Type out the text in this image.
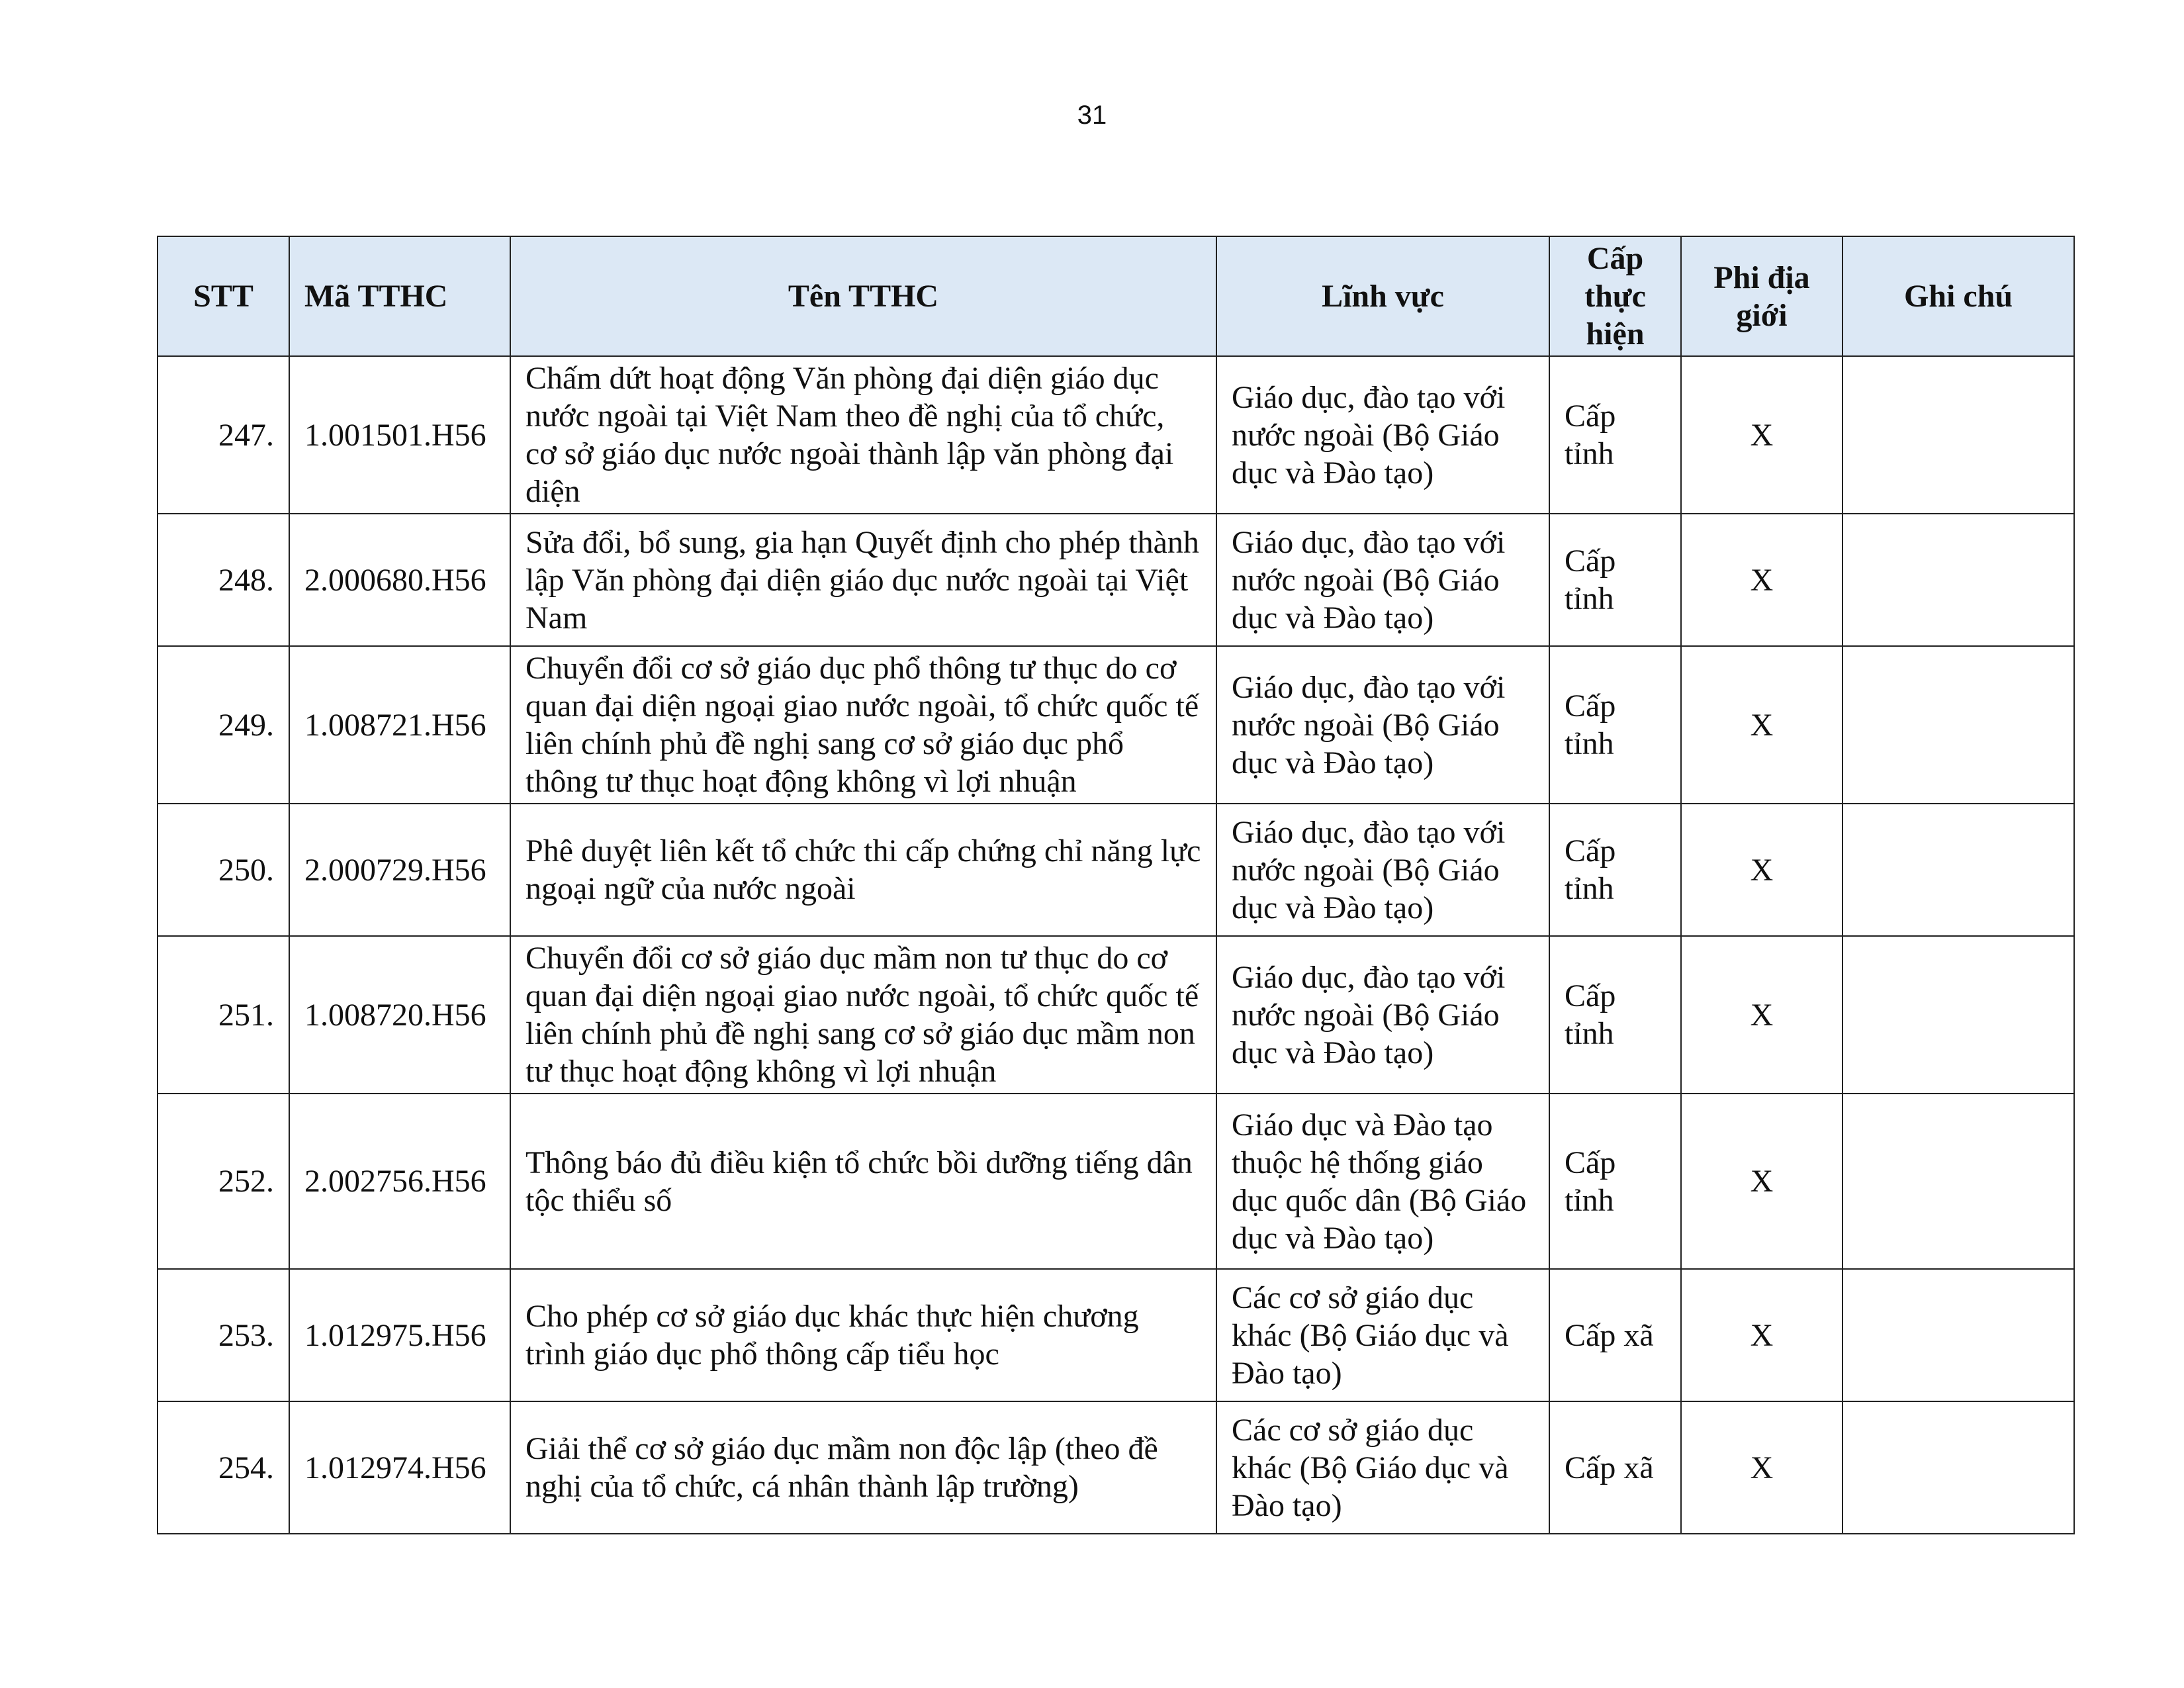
31
STT	Mã TTHC	Tên TTHC	Lĩnh vực	Cấp thực hiện	Phi địa giới	Ghi chú
247.	1.001501.H56	Chấm dứt hoạt động Văn phòng đại diện giáo dục nước ngoài tại Việt Nam theo đề nghị của tổ chức, cơ sở giáo dục nước ngoài thành lập văn phòng đại diện	Giáo dục, đào tạo với nước ngoài (Bộ Giáo dục và Đào tạo)	Cấp tỉnh	X	
248.	2.000680.H56	Sửa đổi, bổ sung, gia hạn Quyết định cho phép thành lập Văn phòng đại diện giáo dục nước ngoài tại Việt Nam	Giáo dục, đào tạo với nước ngoài (Bộ Giáo dục và Đào tạo)	Cấp tỉnh	X	
249.	1.008721.H56	Chuyển đổi cơ sở giáo dục phổ thông tư thục do cơ quan đại diện ngoại giao nước ngoài, tổ chức quốc tế liên chính phủ đề nghị sang cơ sở giáo dục phổ thông tư thục hoạt động không vì lợi nhuận	Giáo dục, đào tạo với nước ngoài (Bộ Giáo dục và Đào tạo)	Cấp tỉnh	X	
250.	2.000729.H56	Phê duyệt liên kết tổ chức thi cấp chứng chỉ năng lực ngoại ngữ của nước ngoài	Giáo dục, đào tạo với nước ngoài (Bộ Giáo dục và Đào tạo)	Cấp tỉnh	X	
251.	1.008720.H56	Chuyển đổi cơ sở giáo dục mầm non tư thục do cơ quan đại diện ngoại giao nước ngoài, tổ chức quốc tế liên chính phủ đề nghị sang cơ sở giáo dục mầm non tư thục hoạt động không vì lợi nhuận	Giáo dục, đào tạo với nước ngoài (Bộ Giáo dục và Đào tạo)	Cấp tỉnh	X	
252.	2.002756.H56	Thông báo đủ điều kiện tổ chức bồi dưỡng tiếng dân tộc thiểu số	Giáo dục và Đào tạo thuộc hệ thống giáo dục quốc dân (Bộ Giáo dục và Đào tạo)	Cấp tỉnh	X	
253.	1.012975.H56	Cho phép cơ sở giáo dục khác thực hiện chương trình giáo dục phổ thông cấp tiểu học	Các cơ sở giáo dục khác (Bộ Giáo dục và Đào tạo)	Cấp xã	X	
254.	1.012974.H56	Giải thể cơ sở giáo dục mầm non độc lập (theo đề nghị của tổ chức, cá nhân thành lập trường)	Các cơ sở giáo dục khác (Bộ Giáo dục và Đào tạo)	Cấp xã	X	
